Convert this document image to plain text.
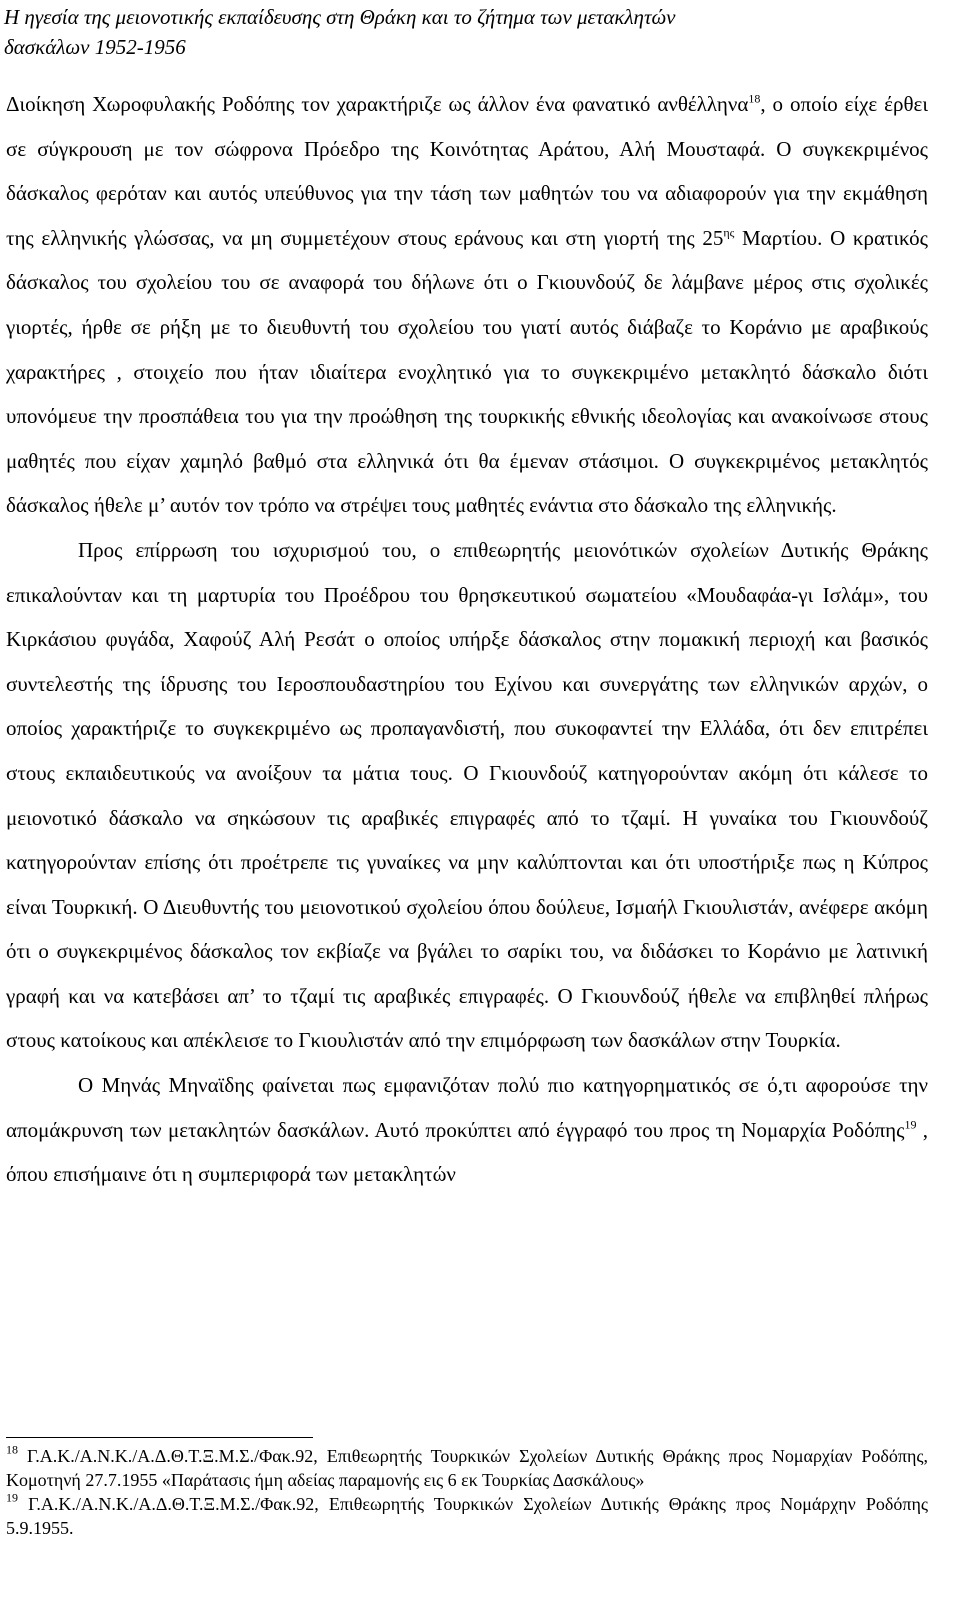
Η ηγεσία της μειονοτικής εκπαίδευσης στη Θράκη και το ζήτημα των μετακλητών
δασκάλων 1952-1956

Διοίκηση Χωροφυλακής Ροδόπης τον χαρακτήριζε ως άλλον ένα φανατικό ανθέλληνα$^{18}$, ο οποίο είχε έρθει σε σύγκρουση με τον σώφρονα Πρόεδρο της Κοινότητας Αράτου, Αλή Μουσταφά. Ο συγκεκριμένος δάσκαλος φερόταν και αυτός υπεύθυνος για την τάση των μαθητών του να αδιαφορούν για την εκμάθηση της ελληνικής γλώσσας, να μη συμμετέχουν στους εράνους και στη γιορτή της $25^{\eta\varsigma}$ Μαρτίου. Ο κρατικός δάσκαλος του σχολείου του σε αναφορά του δήλωνε ότι ο Γκιουνδούζ δε λάμβανε μέρος στις σχολικές γιορτές, ήρθε σε ρήξη με το διευθυντή του σχολείου του γιατί αυτός διάβαζε το Κοράνιο με αραβικούς χαρακτήρες , στοιχείο που ήταν ιδιαίτερα ενοχλητικό για το συγκεκριμένο μετακλητό δάσκαλο διότι υπονόμευε την προσπάθεια του για την προώθηση της τουρκικής εθνικής ιδεολογίας και ανακοίνωσε στους μαθητές που είχαν χαμηλό βαθμό στα ελληνικά ότι θα έμεναν στάσιμοι. Ο συγκεκριμένος μετακλητός δάσκαλος ήθελε μ’ αυτόν τον τρόπο να στρέψει τους μαθητές ενάντια στο δάσκαλο της ελληνικής.

Προς επίρρωση του ισχυρισμού του, ο επιθεωρητής μειονότικών σχολείων Δυτικής Θράκης επικαλούνταν και τη μαρτυρία του Προέδρου του θρησκευτικού σωματείου «Μουδαφάα-γι Ισλάμ», του Κιρκάσιου φυγάδα, Χαφούζ Αλή Ρεσάτ ο οποίος υπήρξε δάσκαλος στην πομακική περιοχή και βασικός συντελεστής της ίδρυσης του Ιεροσπουδαστηρίου του Εχίνου και συνεργάτης των ελληνικών αρχών, ο οποίος χαρακτήριζε το συγκεκριμένο ως προπαγανδιστή, που συκοφαντεί την Ελλάδα, ότι δεν επιτρέπει στους εκπαιδευτικούς να ανοίξουν τα μάτια τους. Ο Γκιουνδούζ κατηγορούνταν ακόμη ότι κάλεσε το μειονοτικό δάσκαλο να σηκώσουν τις αραβικές επιγραφές από το τζαμί. Η γυναίκα του Γκιουνδούζ κατηγορούνταν επίσης ότι προέτρεπε τις γυναίκες να μην καλύπτονται και ότι υποστήριξε πως η Κύπρος είναι Τουρκική. Ο Διευθυντής του μειονοτικού σχολείου όπου δούλευε, Ισμαήλ Γκιουλιστάν, ανέφερε ακόμη ότι ο συγκεκριμένος δάσκαλος τον εκβίαζε να βγάλει το σαρίκι του, να διδάσκει το Κοράνιο με λατινική γραφή και να κατεβάσει απ’ το τζαμί τις αραβικές επιγραφές. Ο Γκιουνδούζ ήθελε να επιβληθεί πλήρως στους κατοίκους και απέκλεισε το Γκιουλιστάν από την επιμόρφωση των δασκάλων στην Τουρκία.

Ο Μηνάς Μηναϊδης φαίνεται πως εμφανιζόταν πολύ πιο κατηγορηματικός σε ό,τι αφορούσε την απομάκρυνση των μετακλητών δασκάλων. Αυτό προκύπτει από έγγραφό του προς τη Νομαρχία Ροδόπης$^{19}$ , όπου επισήμαινε ότι η συμπεριφορά των μετακλητών

$^{18}$ Γ.Α.Κ./Α.Ν.Κ./Α.Δ.Θ.Τ.Ξ.Μ.Σ./Φακ.92, Επιθεωρητής Τουρκικών Σχολείων Δυτικής Θράκης προς Νομαρχίαν Ροδόπης, Κομοτηνή 27.7.1955 «Παράτασις ήμη αδείας παραμονής εις 6 εκ Τουρκίας Δασκάλους»

$^{19}$ Γ.Α.Κ./Α.Ν.Κ./Α.Δ.Θ.Τ.Ξ.Μ.Σ./Φακ.92, Επιθεωρητής Τουρκικών Σχολείων Δυτικής Θράκης προς Νομάρχην Ροδόπης 5.9.1955.
